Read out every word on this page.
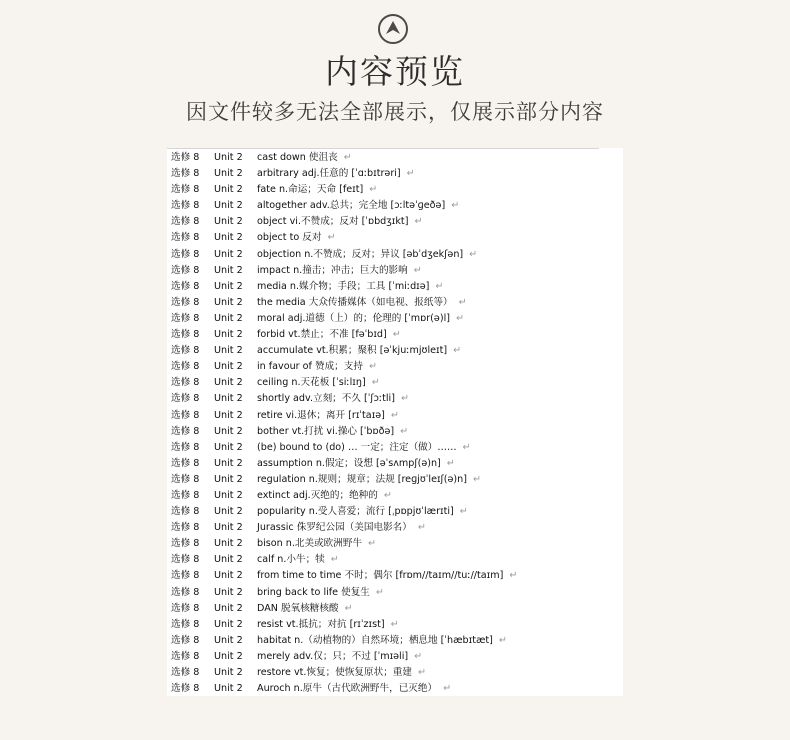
内容预览
因文件较多无法全部展示，仅展示部分内容
选修 8 Unit 2 cast down 使沮丧 ↵
选修 8 Unit 2 arbitrary adj.任意的 [ˈɑːbɪtrəri] ↵
选修 8 Unit 2 fate n.命运；天命 [feɪt] ↵
选修 8 Unit 2 altogether adv.总共；完全地 [ɔːltəˈɡeðə] ↵
选修 8 Unit 2 object vi.不赞成；反对 [ˈɒbdʒɪkt] ↵
选修 8 Unit 2 object to 反对 ↵
选修 8 Unit 2 objection n.不赞成；反对；异议 [əbˈdʒekʃən] ↵
选修 8 Unit 2 impact n.撞击；冲击；巨大的影响 ↵
选修 8 Unit 2 media n.媒介物；手段；工具 [ˈmiːdɪə] ↵
选修 8 Unit 2 the media 大众传播媒体（如电视、报纸等） ↵
选修 8 Unit 2 moral adj.道德（上）的；伦理的 [ˈmɒr(ə)l] ↵
选修 8 Unit 2 forbid vt.禁止；不准 [fəˈbɪd] ↵
选修 8 Unit 2 accumulate vt.积累；聚积 [əˈkjuːmjʊleɪt] ↵
选修 8 Unit 2 in favour of 赞成；支持 ↵
选修 8 Unit 2 ceiling n.天花板 [ˈsiːlɪŋ] ↵
选修 8 Unit 2 shortly adv.立刻；不久 [ˈʃɔːtli] ↵
选修 8 Unit 2 retire vi.退休；离开 [rɪˈtaɪə] ↵
选修 8 Unit 2 bother vt.打扰 vi.操心 [ˈbɒðə] ↵
选修 8 Unit 2 (be) bound to (do) … 一定；注定（做）…… ↵
选修 8 Unit 2 assumption n.假定；设想 [əˈsʌmpʃ(ə)n] ↵
选修 8 Unit 2 regulation n.规则；规章；法规 [reɡjʊˈleɪʃ(ə)n] ↵
选修 8 Unit 2 extinct adj.灭绝的；绝种的 ↵
选修 8 Unit 2 popularity n.受人喜爱；流行 [ˌpɒpjʊˈlærɪti] ↵
选修 8 Unit 2 Jurassic 侏罗纪公园（美国电影名） ↵
选修 8 Unit 2 bison n.北美或欧洲野牛 ↵
选修 8 Unit 2 calf n.小牛；犊 ↵
选修 8 Unit 2 from time to time 不时；偶尔 [frɒm//taɪm//tuː//taɪm] ↵
选修 8 Unit 2 bring back to life 使复生 ↵
选修 8 Unit 2 DAN 脱氧核糖核酸 ↵
选修 8 Unit 2 resist vt.抵抗；对抗 [rɪˈzɪst] ↵
选修 8 Unit 2 habitat n.（动植物的）自然环境；栖息地 [ˈhæbɪtæt] ↵
选修 8 Unit 2 merely adv.仅；只；不过 [ˈmɪəli] ↵
选修 8 Unit 2 restore vt.恢复；使恢复原状；重建 ↵
选修 8 Unit 2 Auroch n.原牛（古代欧洲野牛，已灭绝） ↵
